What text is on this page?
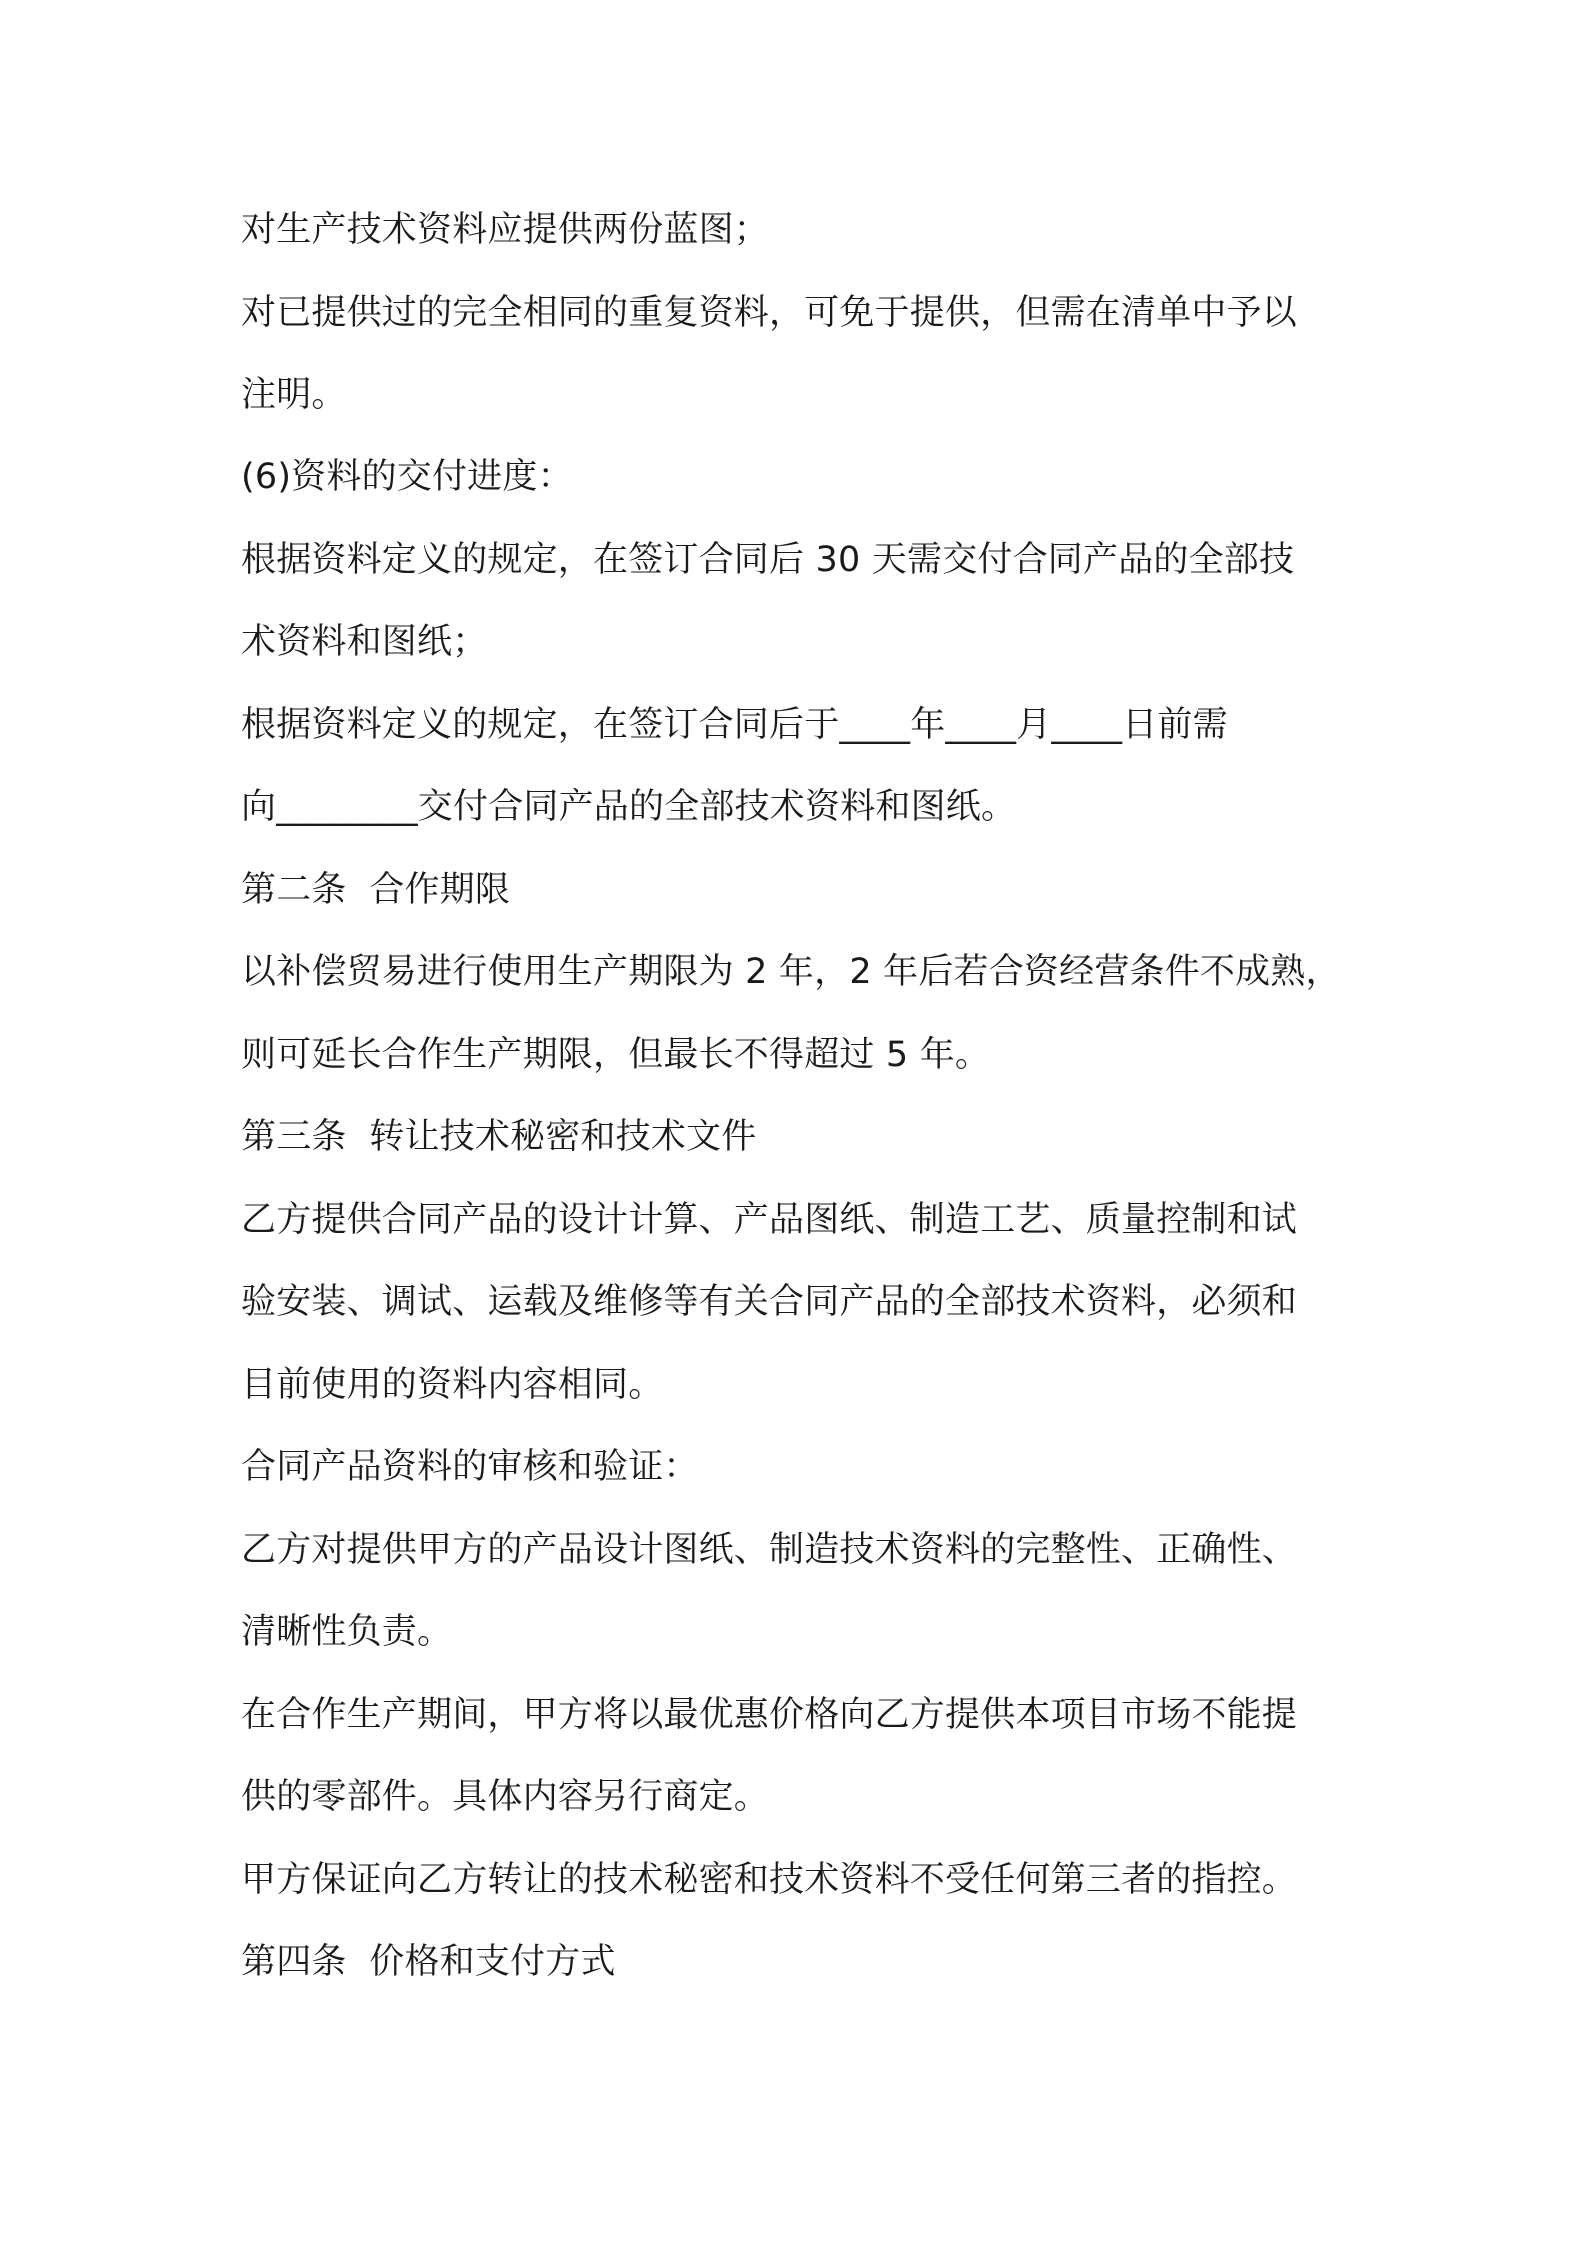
对生产技术资料应提供两份蓝图；
对已提供过的完全相同的重复资料，可免于提供，但需在清单中予以
注明。
(6)资料的交付进度：
根据资料定义的规定，在签订合同后 30 天需交付合同产品的全部技
术资料和图纸；
根据资料定义的规定，在签订合同后于____年____月____日前需
向________交付合同产品的全部技术资料和图纸。
第二条  合作期限
以补偿贸易进行使用生产期限为 2 年，2 年后若合资经营条件不成熟，
则可延长合作生产期限，但最长不得超过 5 年。
第三条  转让技术秘密和技术文件
乙方提供合同产品的设计计算、产品图纸、制造工艺、质量控制和试
验安装、调试、运载及维修等有关合同产品的全部技术资料，必须和
目前使用的资料内容相同。
合同产品资料的审核和验证：
乙方对提供甲方的产品设计图纸、制造技术资料的完整性、正确性、
清晰性负责。
在合作生产期间，甲方将以最优惠价格向乙方提供本项目市场不能提
供的零部件。具体内容另行商定。
甲方保证向乙方转让的技术秘密和技术资料不受任何第三者的指控。
第四条  价格和支付方式
